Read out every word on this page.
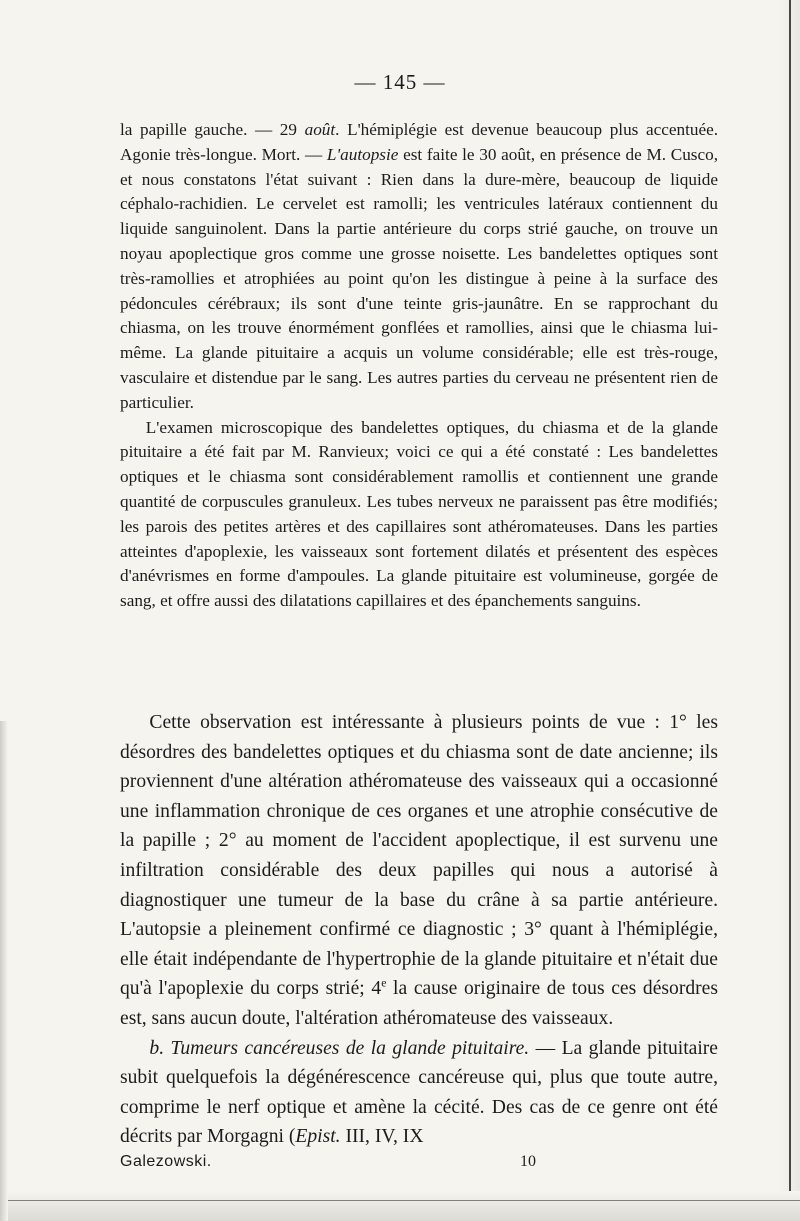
— 145 —

la papille gauche. — 29 août. L'hémiplégie est devenue beaucoup plus accentuée. Agonie très-longue. Mort. — L'autopsie est faite le 30 août, en présence de M. Cusco, et nous constatons l'état suivant : Rien dans la dure-mère, beaucoup de liquide céphalo-rachidien. Le cervelet est ramolli; les ventricules latéraux contiennent du liquide sanguinolent. Dans la partie antérieure du corps strié gauche, on trouve un noyau apoplectique gros comme une grosse noisette. Les bandelettes optiques sont très-ramollies et atrophiées au point qu'on les distingue à peine à la surface des pédoncules cérébraux; ils sont d'une teinte gris-jaunâtre. En se rapprochant du chiasma, on les trouve énormément gonflées et ramollies, ainsi que le chiasma lui-même. La glande pituitaire a acquis un volume considérable; elle est très-rouge, vasculaire et distendue par le sang. Les autres parties du cerveau ne présentent rien de particulier.

L'examen microscopique des bandelettes optiques, du chiasma et de la glande pituitaire a été fait par M. Ranvieux; voici ce qui a été constaté : Les bandelettes optiques et le chiasma sont considérablement ramollis et contiennent une grande quantité de corpuscules granuleux. Les tubes nerveux ne paraissent pas être modifiés; les parois des petites artères et des capillaires sont athéromateuses. Dans les parties atteintes d'apoplexie, les vaisseaux sont fortement dilatés et présentent des espèces d'anévrismes en forme d'ampoules. La glande pituitaire est volumineuse, gorgée de sang, et offre aussi des dilatations capillaires et des épanchements sanguins.

Cette observation est intéressante à plusieurs points de vue : 1° les désordres des bandelettes optiques et du chiasma sont de date ancienne; ils proviennent d'une altération athéromateuse des vaisseaux qui a occasionné une inflammation chronique de ces organes et une atrophie consécutive de la papille ; 2° au moment de l'accident apoplectique, il est survenu une infiltration considérable des deux papilles qui nous a autorisé à diagnostiquer une tumeur de la base du crâne à sa partie antérieure. L'autopsie a pleinement confirmé ce diagnostic ; 3° quant à l'hémiplégie, elle était indépendante de l'hypertrophie de la glande pituitaire et n'était due qu'à l'apoplexie du corps strié; 4e la cause originaire de tous ces désordres est, sans aucun doute, l'altération athéromateuse des vaisseaux.

b. Tumeurs cancéreuses de la glande pituitaire. — La glande pituitaire subit quelquefois la dégénérescence cancéreuse qui, plus que toute autre, comprime le nerf optique et amène la cécité. Des cas de ce genre ont été décrits par Morgagni (Epist. III, IV, IX

Galezowski.	10
